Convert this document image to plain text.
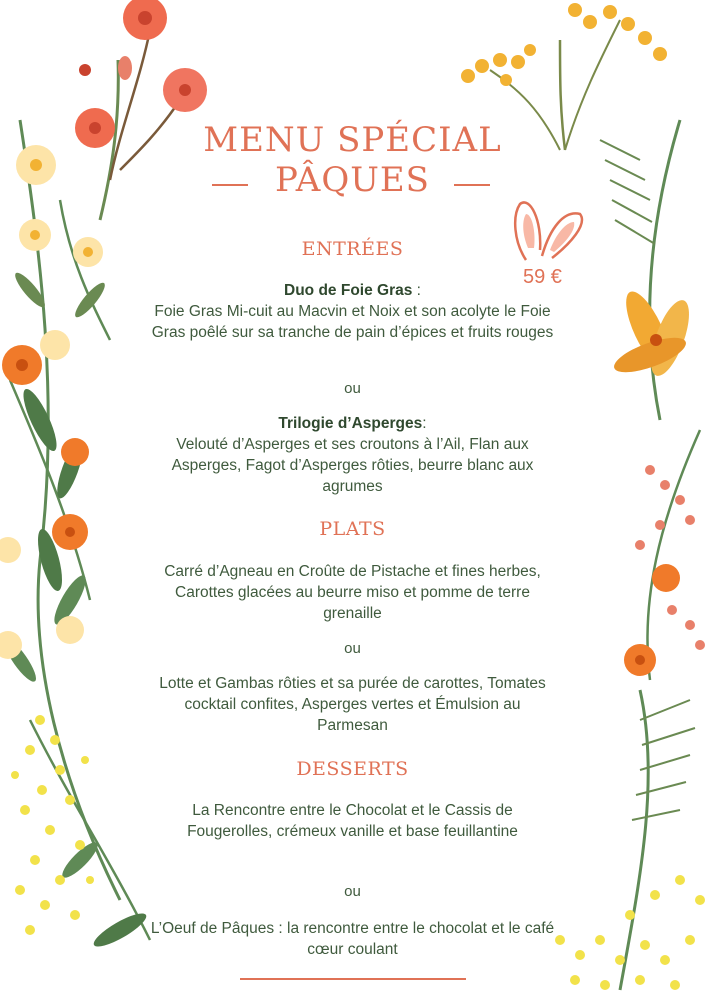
59 €
MENU SPÉCIAL
PÂQUES
ENTRÉES
Duo de Foie Gras :
Foie Gras Mi-cuit au Macvin et Noix et son acolyte le Foie Gras poêlé sur sa tranche de pain d’épices et fruits rouges
ou
Trilogie d’Asperges:
Velouté d’Asperges et ses croutons à l’Ail, Flan aux Asperges, Fagot d’Asperges rôties, beurre blanc aux agrumes
PLATS
Carré d’Agneau en Croûte de Pistache et fines herbes, Carottes glacées au beurre miso et pomme de terre grenaille
ou
Lotte et Gambas rôties et sa purée de carottes, Tomates cocktail confites, Asperges vertes et Émulsion au Parmesan
DESSERTS
La Rencontre entre le Chocolat et le Cassis de Fougerolles, crémeux vanille et base feuillantine
ou
L’Oeuf de Pâques : la rencontre entre le chocolat et le café cœur coulant
